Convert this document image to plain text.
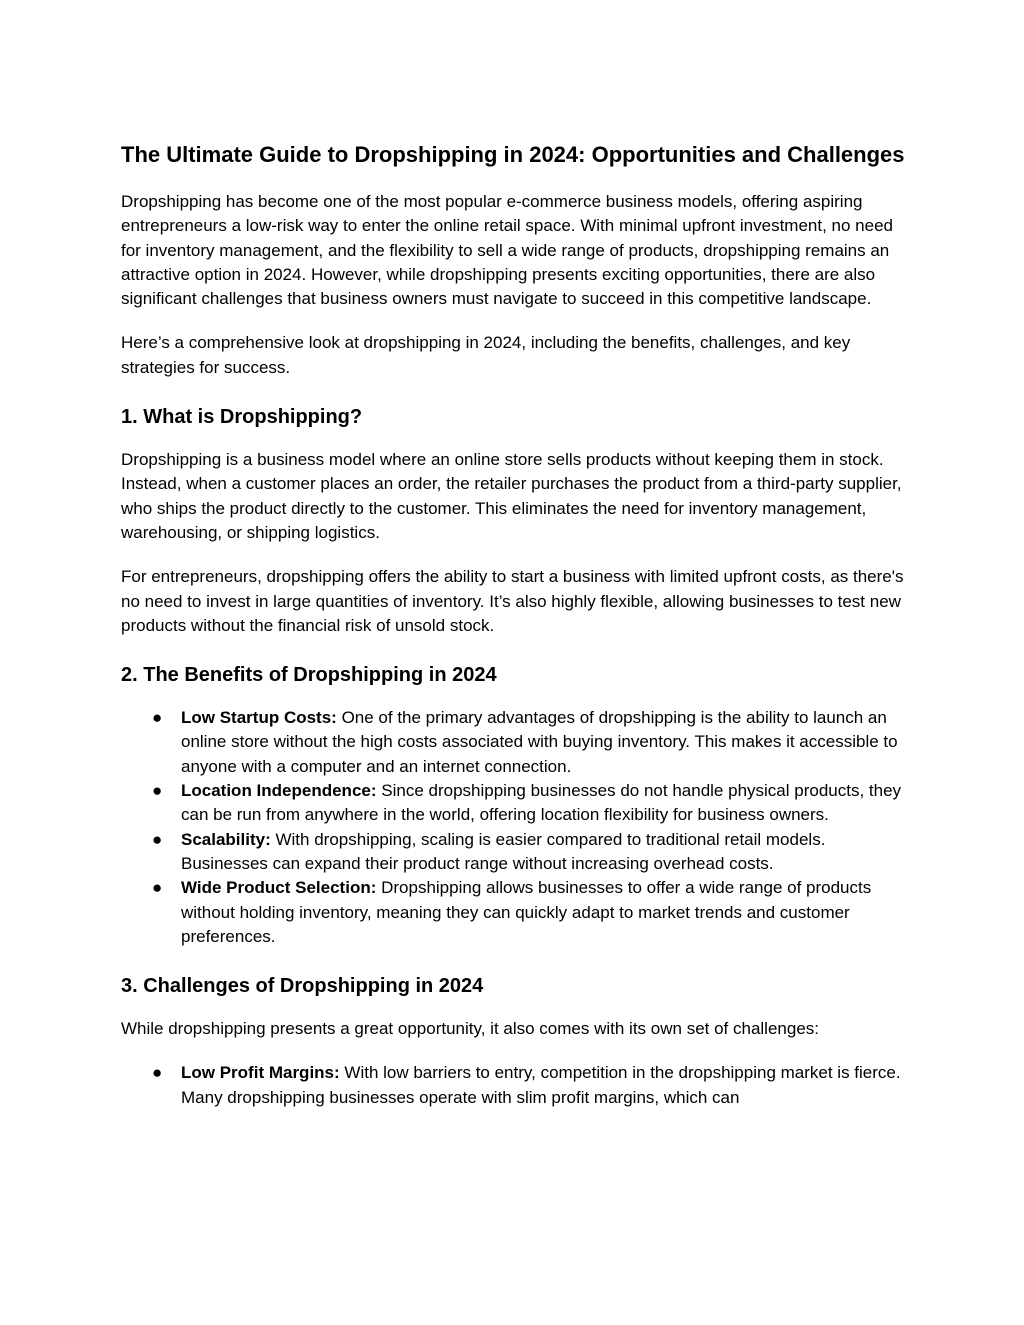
The Ultimate Guide to Dropshipping in 2024: Opportunities and Challenges

Dropshipping has become one of the most popular e-commerce business models, offering aspiring entrepreneurs a low-risk way to enter the online retail space. With minimal upfront investment, no need for inventory management, and the flexibility to sell a wide range of products, dropshipping remains an attractive option in 2024. However, while dropshipping presents exciting opportunities, there are also significant challenges that business owners must navigate to succeed in this competitive landscape.

Here’s a comprehensive look at dropshipping in 2024, including the benefits, challenges, and key strategies for success.

1. What is Dropshipping?

Dropshipping is a business model where an online store sells products without keeping them in stock. Instead, when a customer places an order, the retailer purchases the product from a third-party supplier, who ships the product directly to the customer. This eliminates the need for inventory management, warehousing, or shipping logistics.

For entrepreneurs, dropshipping offers the ability to start a business with limited upfront costs, as there's no need to invest in large quantities of inventory. It’s also highly flexible, allowing businesses to test new products without the financial risk of unsold stock.

2. The Benefits of Dropshipping in 2024
● Low Startup Costs: One of the primary advantages of dropshipping is the ability to launch an online store without the high costs associated with buying inventory. This makes it accessible to anyone with a computer and an internet connection.
● Location Independence: Since dropshipping businesses do not handle physical products, they can be run from anywhere in the world, offering location flexibility for business owners.
● Scalability: With dropshipping, scaling is easier compared to traditional retail models. Businesses can expand their product range without increasing overhead costs.
● Wide Product Selection: Dropshipping allows businesses to offer a wide range of products without holding inventory, meaning they can quickly adapt to market trends and customer preferences.
3. Challenges of Dropshipping in 2024

While dropshipping presents a great opportunity, it also comes with its own set of challenges:

● Low Profit Margins: With low barriers to entry, competition in the dropshipping market is fierce. Many dropshipping businesses operate with slim profit margins, which can
